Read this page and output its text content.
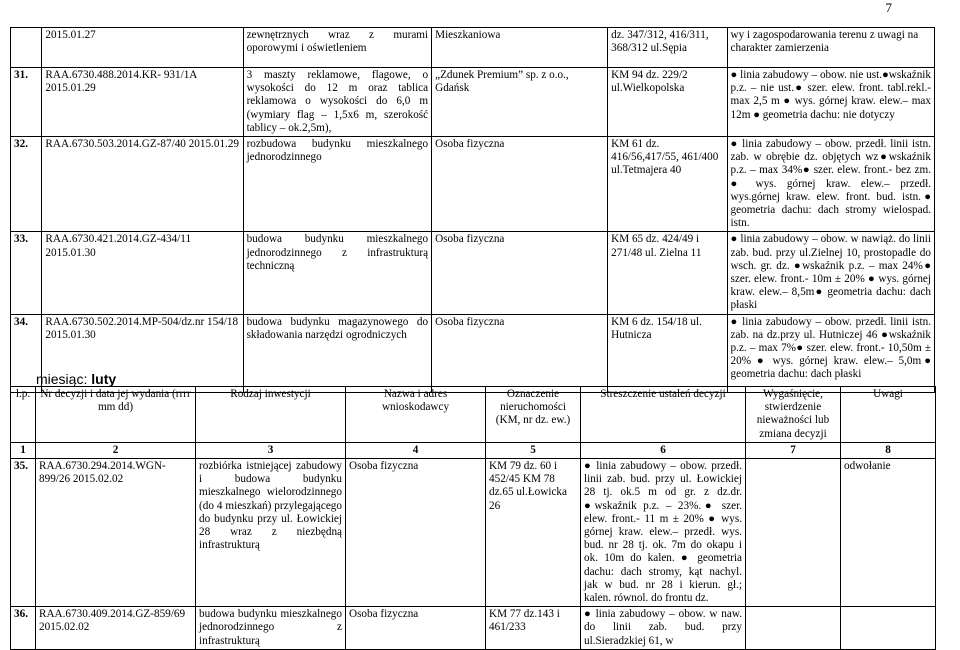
7
	2015.01.27	zewnętrznych wraz z murami oporowymi i oświetleniem	Mieszkaniowa	dz. 347/312, 416/311, 368/312 ul.Sępia	wy i zagospodarowania terenu z uwagi na charakter zamierzenia
31.	RAA.6730.488.2014.KR- 931/1A 2015.01.29	3 maszty reklamowe, flagowe, o wysokości do 12 m oraz tablica reklamowa o wysokości do 6,0 m (wymiary flag – 1,5x6 m, szerokość tablicy – ok.2,5m),	„Zdunek Premium” sp. z o.o., Gdańsk	KM 94 dz. 229/2 ul.Wielkopolska	● linia zabudowy – obow. nie ust.●wskaźnik p.z. – nie ust.● szer. elew. front. tabl.rekl.- max 2,5 m ● wys. górnej kraw. elew.– max 12m ● geometria dachu: nie dotyczy
32.	RAA.6730.503.2014.GZ-87/40 2015.01.29	rozbudowa budynku mieszkalnego jednorodzinnego	Osoba fizyczna	KM 61 dz. 416/56,417/55, 461/400 ul.Tetmajera 40	● linia zabudowy – obow. przedł. linii istn. zab. w obrębie dz. objętych wz●wskaźnik p.z. – max 34%● szer. elew. front.- bez zm. ● wys. górnej kraw. elew.– przedł. wys.górnej kraw. elew. front. bud. istn.● geometria dachu: dach stromy wielospad. istn.
33.	RAA.6730.421.2014.GZ-434/11 2015.01.30	budowa budynku mieszkalnego jednorodzinnego z infrastrukturą techniczną	Osoba fizyczna	KM 65 dz. 424/49 i 271/48 ul. Zielna 11	● linia zabudowy – obow. w nawiąż. do linii zab. bud. przy ul.Zielnej 10, prostopadle do wsch. gr. dz. ●wskaźnik p.z. – max 24%● szer. elew. front.- 10m ± 20% ● wys. górnej kraw. elew.– 8,5m● geometria dachu: dach płaski
34.	RAA.6730.502.2014.MP-504/dz.nr 154/18 2015.01.30	budowa budynku magazynowego do składowania narzędzi ogrodniczych	Osoba fizyczna	KM 6 dz. 154/18 ul. Hutnicza	● linia zabudowy – obow. przedł. linii istn. zab. na dz.przy ul. Hutniczej 46 ●wskaźnik p.z. – max 7%● szer. elew. front.- 10,50m ± 20% ● wys. górnej kraw. elew.– 5,0m● geometria dachu: dach płaski
miesiąc: luty
l.p.	Nr decyzji i data jej wydania (rrrr mm dd)	Rodzaj inwestycji	Nazwa i adres wnioskodawcy	Oznaczenie nieruchomości (KM, nr dz. ew.)	Streszczenie ustaleń decyzji	Wygaśnięcie, stwierdzenie nieważności lub zmiana decyzji	Uwagi
1	2	3	4	5	6	7	8
35.	RAA.6730.294.2014.WGN-899/26 2015.02.02	rozbiórka istniejącej zabudowy i budowa budynku mieszkalnego wielorodzinnego (do 4 mieszkań) przylegającego do budynku przy ul. Łowickiej 28 wraz z niezbędną infrastrukturą	Osoba fizyczna	KM 79 dz. 60 i 452/45 KM 78 dz.65 ul.Łowicka 26	● linia zabudowy – obow. przedł. linii zab. bud. przy ul. Łowickiej 28 tj. ok.5 m od gr. z dz.dr. ●wskaźnik p.z. – 23%.● szer. elew. front.- 11 m ± 20% ● wys. górnej kraw. elew.– przedł. wys. bud. nr 28 tj. ok. 7m do okapu i ok. 10m do kalen. ● geometria dachu: dach stromy, kąt nachyl. jak w bud. nr 28 i kierun. gł.; kalen. równol. do frontu dz.		odwołanie
36.	RAA.6730.409.2014.GZ-859/69 2015.02.02	budowa budynku mieszkalnego jednorodzinnego z infrastrukturą	Osoba fizyczna	KM 77 dz.143 i 461/233	● linia zabudowy – obow. w naw. do linii zab. bud. przy ul.Sieradzkiej 61, w		
